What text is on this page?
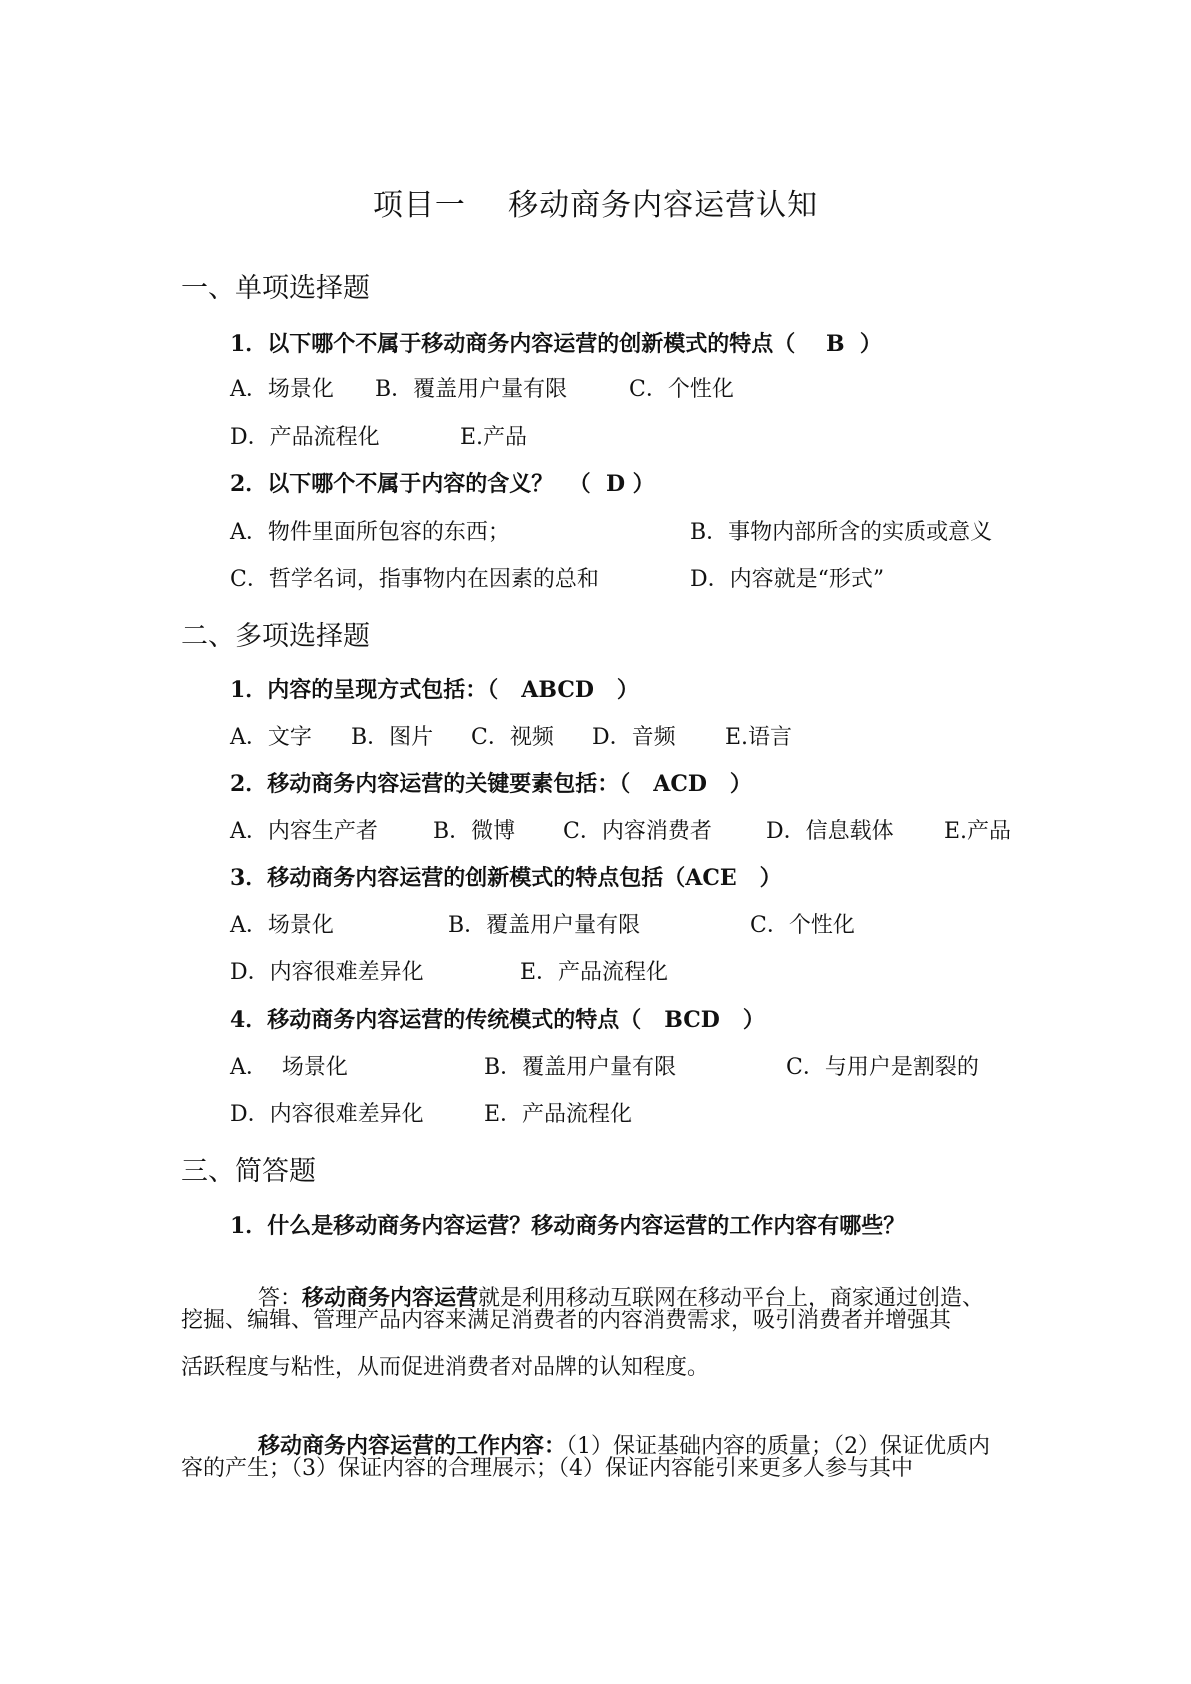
项目一    移动商务内容运营认知
一、单项选择题
1．以下哪个不属于移动商务内容运营的创新模式的特点（    B  ）
A．场景化 B．覆盖用户量有限	C．个性化
D．产品流程化	E.产品
2．以下哪个不属于内容的含义？  （  D ）
A．物件里面所包容的东西；	B．事物内部所含的实质或意义
C．哲学名词，指事物内在因素的总和	D．内容就是“形式”
二、多项选择题
1．内容的呈现方式包括：（   ABCD   ）
A．文字 B．图片 C．视频 D．音频 E.语言
2．移动商务内容运营的关键要素包括：（   ACD   ）
A．内容生产者	B．微博 C．内容消费者 D．信息载体 E.产品
3．移动商务内容运营的创新模式的特点包括（ACE   ）
A．场景化	B．覆盖用户量有限	C．个性化
D．内容很难差异化	E．产品流程化
4．移动商务内容运营的传统模式的特点（   BCD   ）
A．  场景化	B．覆盖用户量有限	C．与用户是割裂的
D．内容很难差异化	E．产品流程化
三、简答题
1．什么是移动商务内容运营？移动商务内容运营的工作内容有哪些？

答：移动商务内容运营就是利用移动互联网在移动平台上，商家通过创造、

挖掘、编辑、管理产品内容来满足消费者的内容消费需求，吸引消费者并增强其
活跃程度与粘性，从而促进消费者对品牌的认知程度。

移动商务内容运营的工作内容：（1）保证基础内容的质量；（2）保证优质内

容的产生；（3）保证内容的合理展示；（4）保证内容能引来更多人参与其中
